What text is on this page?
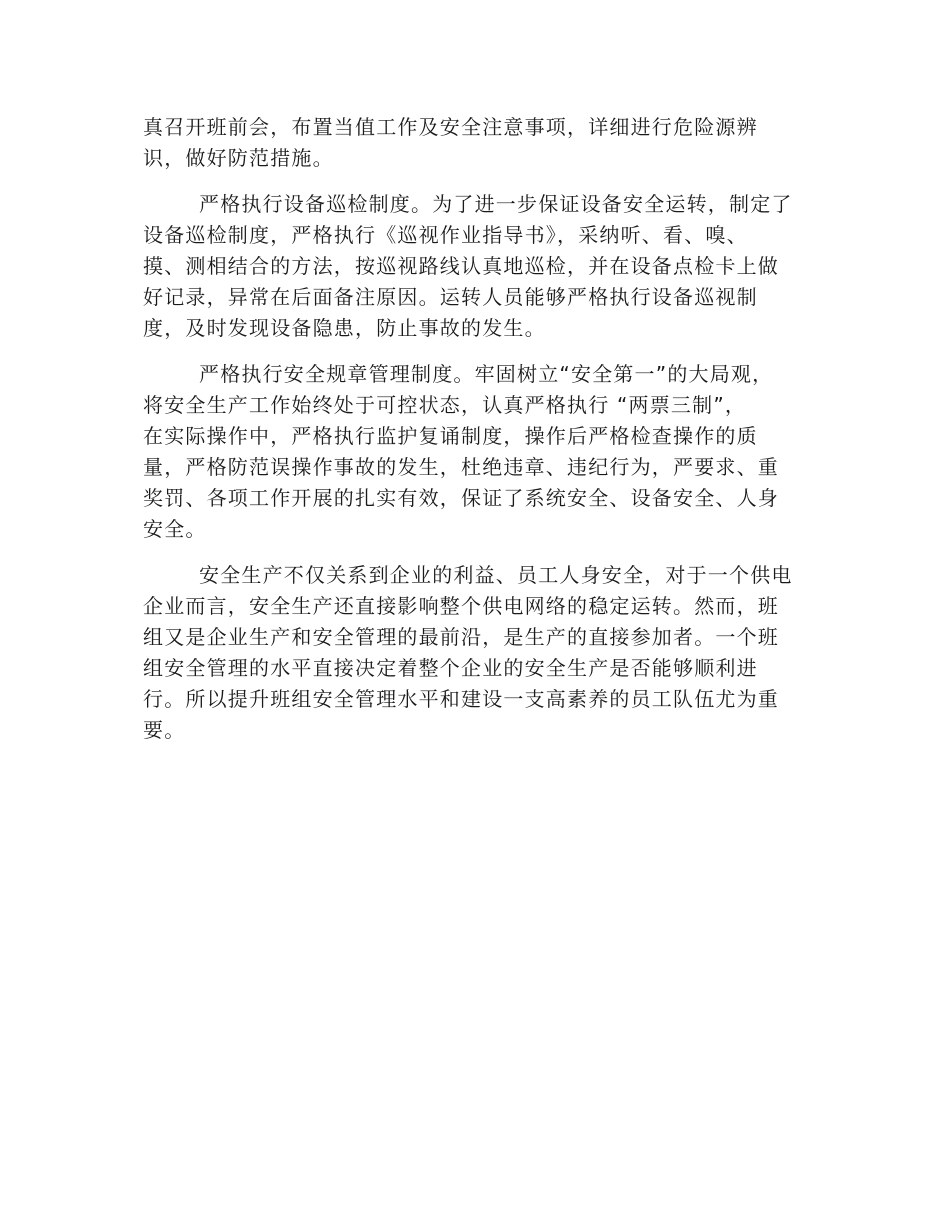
真召开班前会，布置当值工作及安全注意事项，详细进行危险源辨
识，做好防范措施。
严格执行设备巡检制度。为了进一步保证设备安全运转，制定了
设备巡检制度，严格执行《巡视作业指导书》，采纳听、看、嗅、
摸、测相结合的方法，按巡视路线认真地巡检，并在设备点检卡上做
好记录，异常在后面备注原因。运转人员能够严格执行设备巡视制
度，及时发现设备隐患，防止事故的发生。
严格执行安全规章管理制度。牢固树立“安全第一”的大局观，
将安全生产工作始终处于可控状态，认真严格执行 “两票三制”，
在实际操作中，严格执行监护复诵制度，操作后严格检查操作的质
量，严格防范误操作事故的发生，杜绝违章、违纪行为，严要求、重
奖罚、各项工作开展的扎实有效，保证了系统安全、设备安全、人身
安全。
安全生产不仅关系到企业的利益、员工人身安全，对于一个供电
企业而言，安全生产还直接影响整个供电网络的稳定运转。然而，班
组又是企业生产和安全管理的最前沿，是生产的直接参加者。一个班
组安全管理的水平直接决定着整个企业的安全生产是否能够顺利进
行。所以提升班组安全管理水平和建设一支高素养的员工队伍尤为重
要。
